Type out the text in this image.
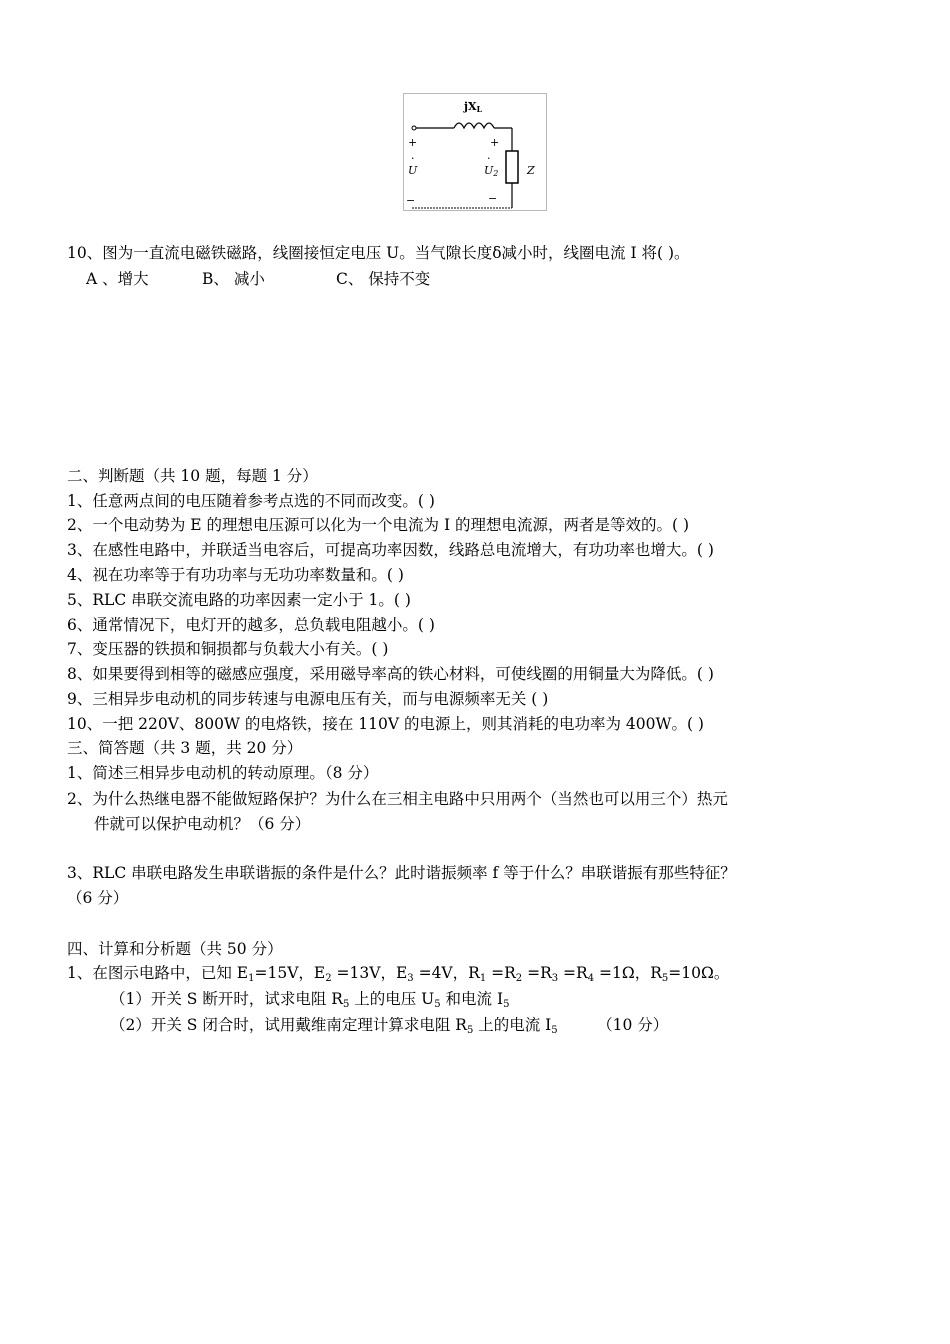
jXL
+
U
·
−
+
U2
·
−
Z
10、图为一直流电磁铁磁路，线圈接恒定电压 U。当气隙长度δ减小时，线圈电流 I 将( )。
A 、增大	B、 减小	C、 保持不变
二、判断题（共 10 题，每题 1 分）
1、任意两点间的电压随着参考点选的不同而改变。( )
2、一个电动势为 E 的理想电压源可以化为一个电流为 I 的理想电流源，两者是等效的。( )
3、在感性电路中，并联适当电容后，可提高功率因数，线路总电流增大，有功功率也增大。( )
4、视在功率等于有功功率与无功功率数量和。( )
5、RLC 串联交流电路的功率因素一定小于 1。( )
6、通常情况下，电灯开的越多，总负载电阻越小。( )
7、变压器的铁损和铜损都与负载大小有关。( )
8、如果要得到相等的磁感应强度，采用磁导率高的铁心材料，可使线圈的用铜量大为降低。( )
9、三相异步电动机的同步转速与电源电压有关，而与电源频率无关 ( )
10、一把 220V、800W 的电烙铁，接在 110V 的电源上，则其消耗的电功率为 400W。( )
三、简答题（共 3 题，共 20 分）
1、简述三相异步电动机的转动原理。（8 分）
2、为什么热继电器不能做短路保护？为什么在三相主电路中只用两个（当然也可以用三个）热元
件就可以保护电动机？（6 分）
3、RLC 串联电路发生串联谐振的条件是什么？此时谐振频率 f 等于什么？串联谐振有那些特征？
（6 分）
四、计算和分析题（共 50 分）
1、在图示电路中，已知 $E_1=15V$，$E_2 =13V$，$E_3 =4V$，$R_1 =R_2 =R_3 =R_4 =1\Omega$，$R_5=10\Omega$。
（1）开关 S 断开时，试求电阻 $R_5$ 上的电压 $U_5$ 和电流 $I_5$
（2）开关 S 闭合时，试用戴维南定理计算求电阻 $R_5$ 上的电流 $I_5$        （10 分）
